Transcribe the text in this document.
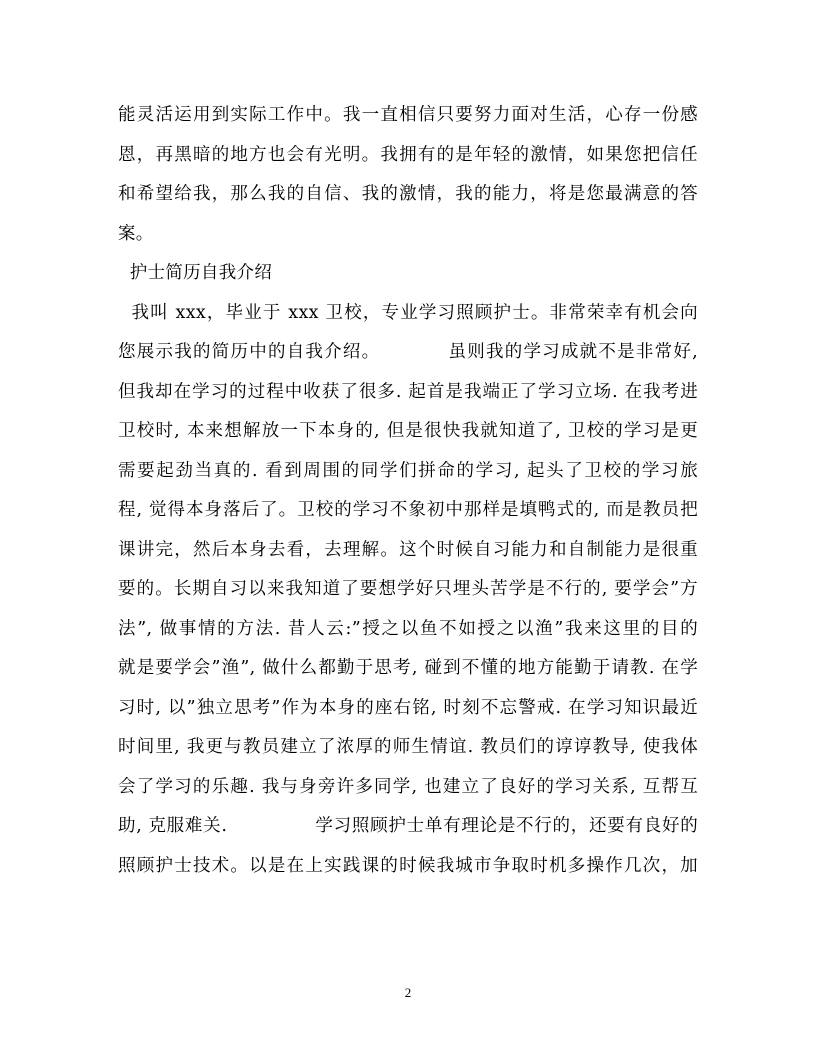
能灵活运用到实际工作中。我一直相信只要努力面对生活，心存一份感
恩，再黑暗的地方也会有光明。我拥有的是年轻的激情，如果您把信任
和希望给我，那么我的自信、我的激情，我的能力，将是您最满意的答
案。
护士简历自我介绍
我叫 xxx，毕业于 xxx 卫校，专业学习照顾护士。非常荣幸有机会向
您展示我的简历中的自我介绍。          虽则我的学习成就不是非常好,
但我却在学习的过程中收获了很多. 起首是我端正了学习立场. 在我考进
卫校时, 本来想解放一下本身的, 但是很快我就知道了, 卫校的学习是更
需要起劲当真的. 看到周围的同学们拼命的学习, 起头了卫校的学习旅
程, 觉得本身落后了。卫校的学习不象初中那样是填鸭式的, 而是教员把
课讲完，然后本身去看，去理解。这个时候自习能力和自制能力是很重
要的。长期自习以来我知道了要想学好只埋头苦学是不行的, 要学会”方
法”, 做事情的方法. 昔人云:”授之以鱼不如授之以渔”我来这里的目的
就是要学会”渔”, 做什么都勤于思考, 碰到不懂的地方能勤于请教. 在学
习时, 以”独立思考”作为本身的座右铭, 时刻不忘警戒. 在学习知识最近
时间里, 我更与教员建立了浓厚的师生情谊. 教员们的谆谆教导, 使我体
会了学习的乐趣. 我与身旁许多同学, 也建立了良好的学习关系, 互帮互
助, 克服难关.              学习照顾护士单有理论是不行的，还要有良好的
照顾护士技术。以是在上实践课的时候我城市争取时机多操作几次，加
2
